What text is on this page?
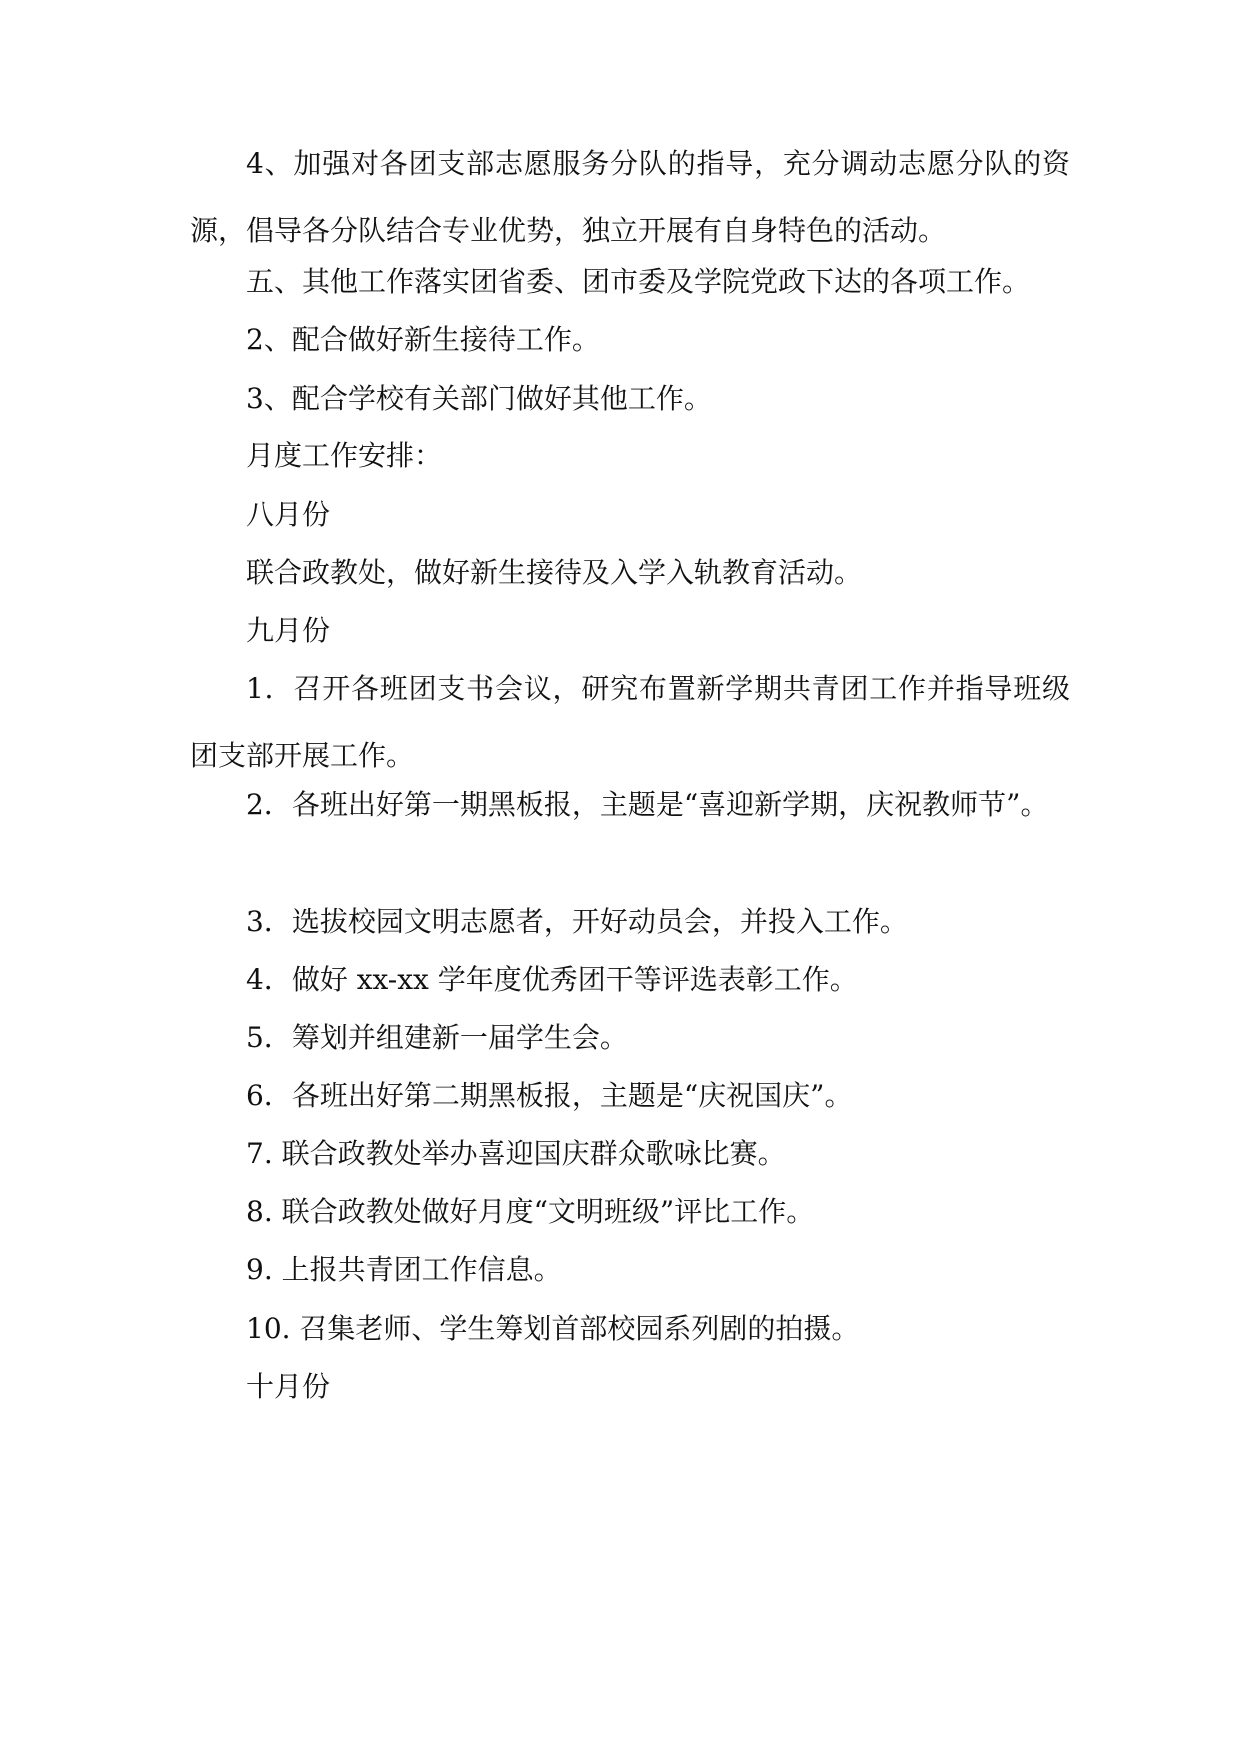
4、加强对各团支部志愿服务分队的指导，充分调动志愿分队的资源，倡导各分队结合专业优势，独立开展有自身特色的活动。

五、其他工作落实团省委、团市委及学院党政下达的各项工作。

2、配合做好新生接待工作。

3、配合学校有关部门做好其他工作。

月度工作安排：

八月份

联合政教处，做好新生接待及入学入轨教育活动。

九月份

1．召开各班团支书会议，研究布置新学期共青团工作并指导班级团支部开展工作。

2．各班出好第一期黑板报，主题是“喜迎新学期，庆祝教师节”。

3．选拔校园文明志愿者，开好动员会，并投入工作。

4．做好 xx-xx 学年度优秀团干等评选表彰工作。

5．筹划并组建新一届学生会。

6．各班出好第二期黑板报，主题是“庆祝国庆”。

7. 联合政教处举办喜迎国庆群众歌咏比赛。

8. 联合政教处做好月度“文明班级”评比工作。

9. 上报共青团工作信息。

10. 召集老师、学生筹划首部校园系列剧的拍摄。

十月份
